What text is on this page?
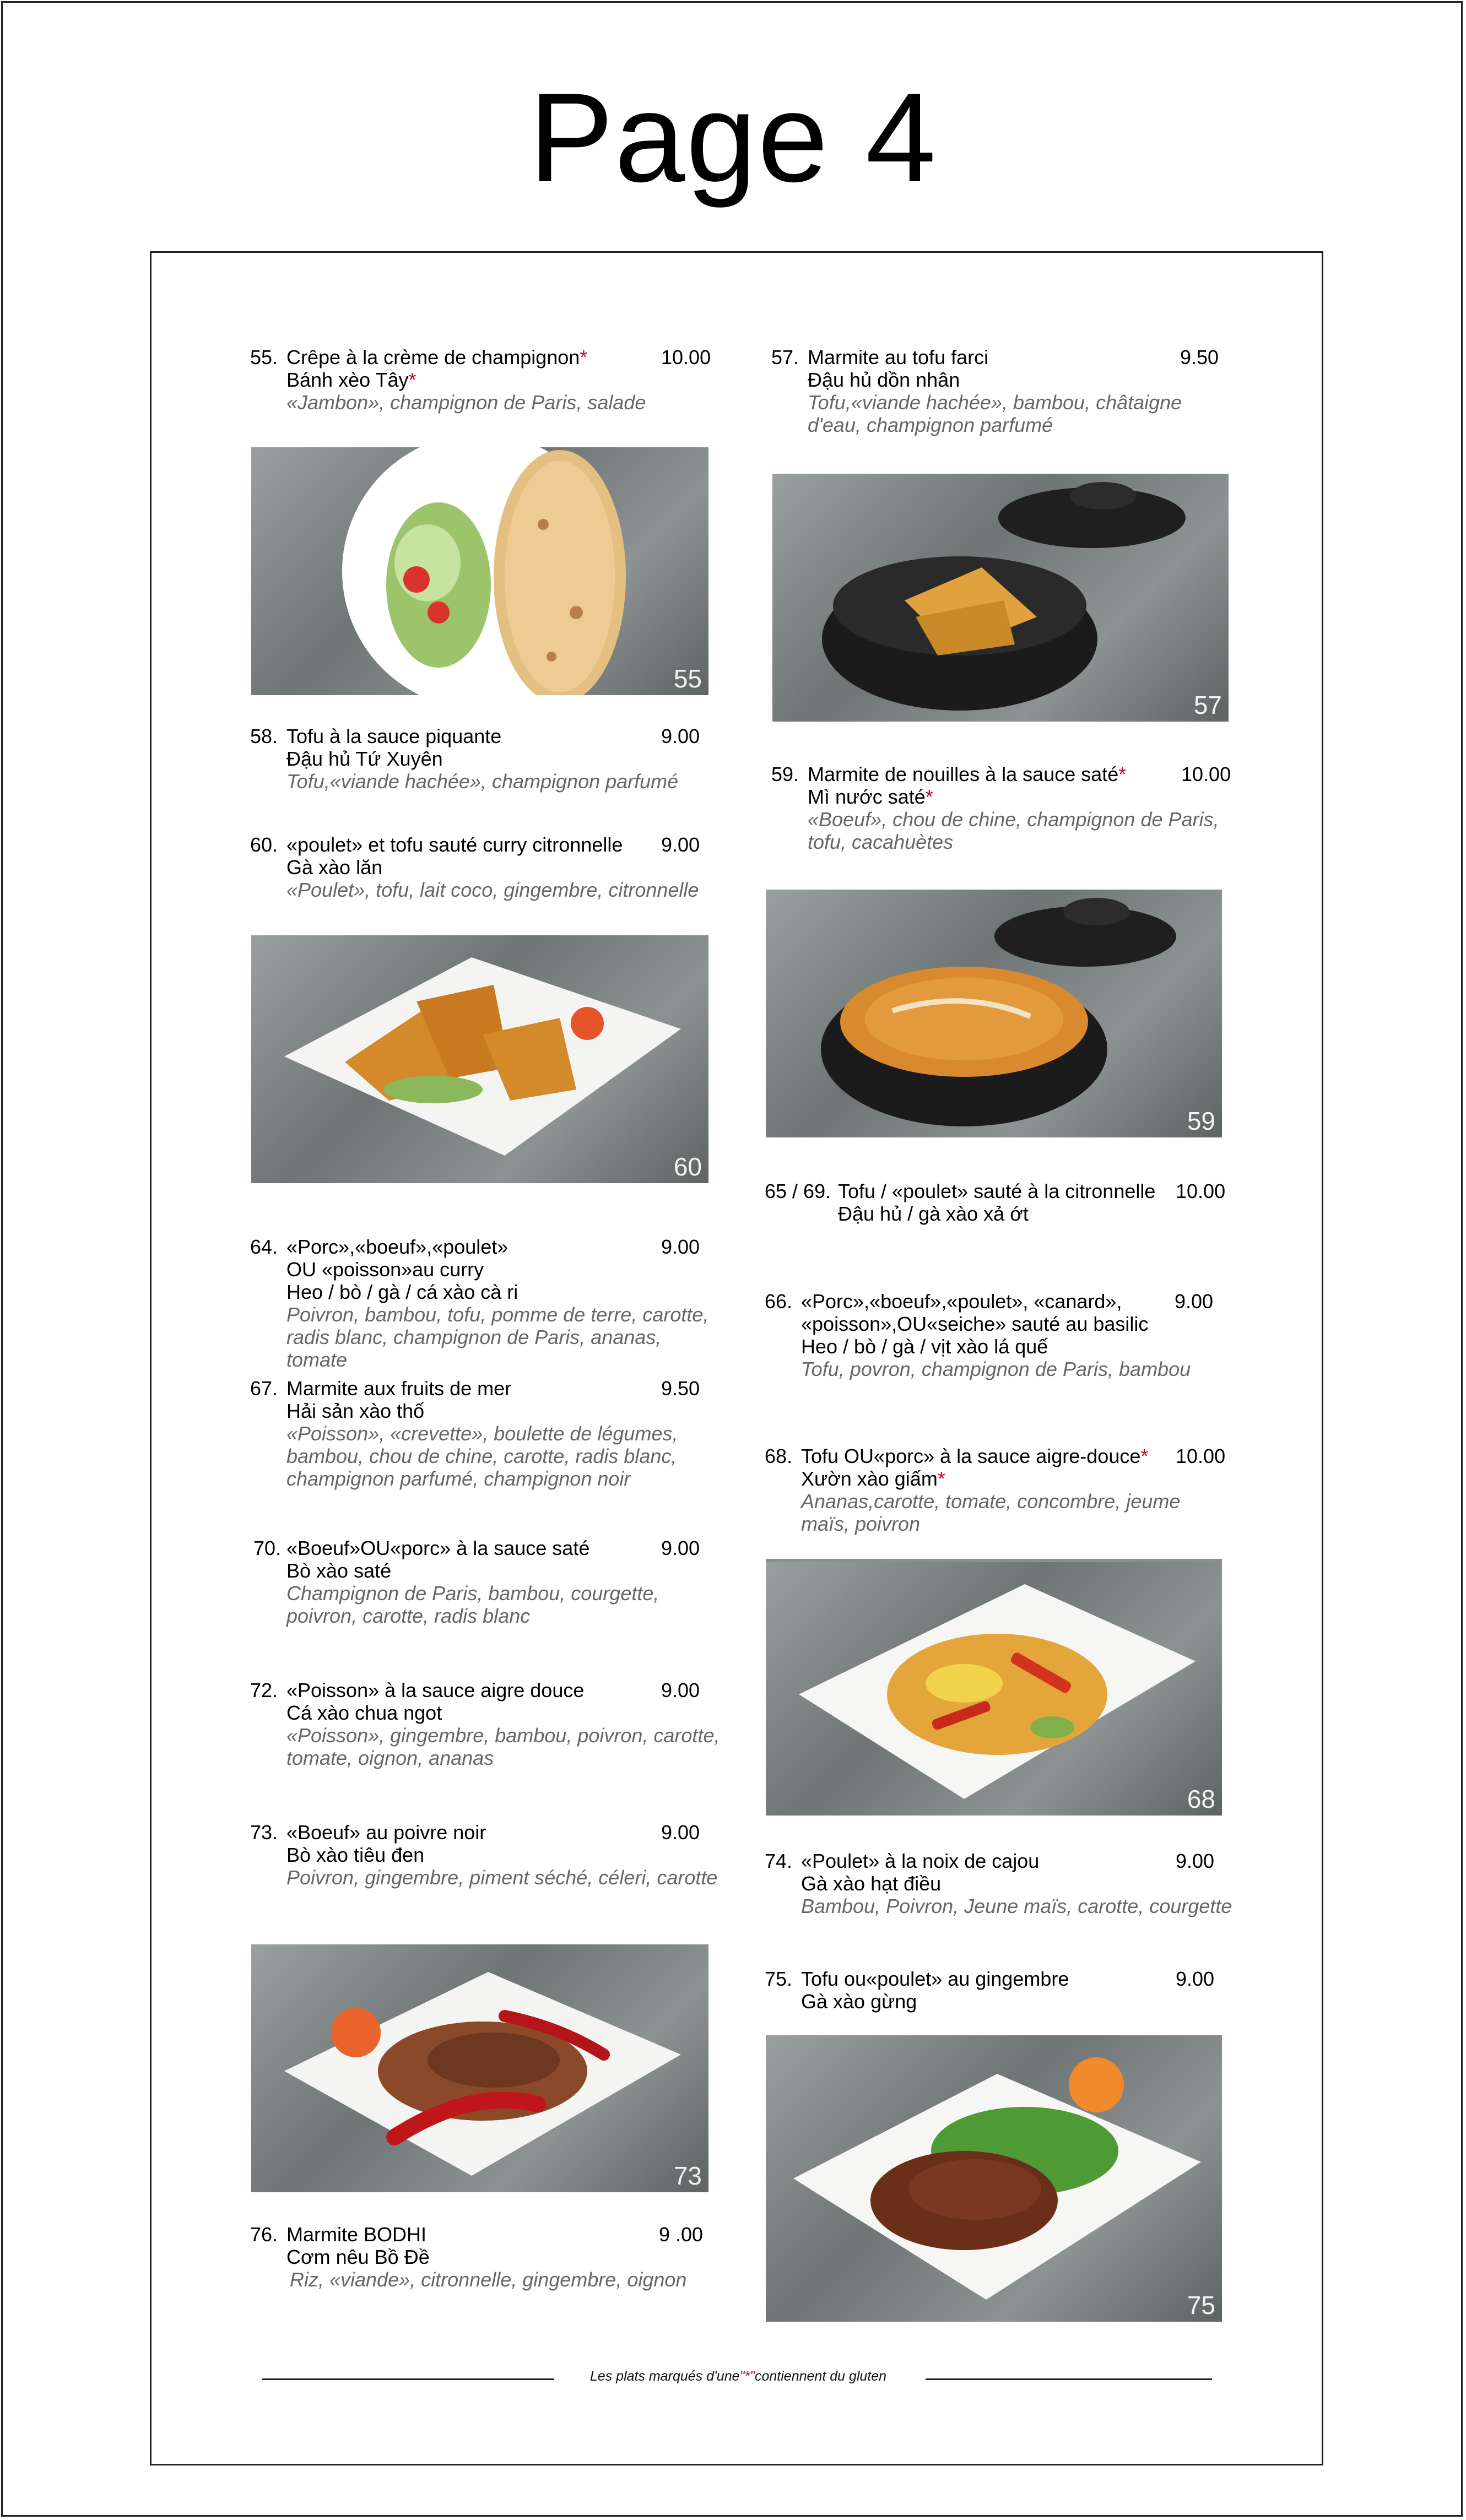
Page 4
55. Crêpe à la crème de champignon*	10.00
Bánh xèo Tây*
«Jambon», champignon de Paris, salade
55
58. Tofu à la sauce piquante	9.00
Đậu hủ Tứ Xuyên
Tofu,«viande hachée», champignon parfumé
60. «poulet» et tofu sauté curry citronnelle 9.00
Gà xào lăn
«Poulet», tofu, lait coco, gingembre, citronnelle
60
64. «Porc»,«boeuf»,«poulet»	9.00
OU «poisson»au curry
Heo / bò / gà / cá xào cà ri
Poivron, bambou, tofu, pomme de terre, carotte, radis blanc, champignon de Paris, ananas, tomate
67. Marmite aux fruits de mer	9.50
Hải sản xào thố
«Poisson», «crevette», boulette de légumes, bambou, chou de chine, carotte, radis blanc, champignon parfumé, champignon noir
70. «Boeuf»OU«porc» à la sauce saté	9.00
Bò xào saté
Champignon de Paris, bambou, courgette, poivron, carotte, radis blanc
72. «Poisson» à la sauce aigre douce	9.00
Cá xào chua ngot
«Poisson», gingembre, bambou, poivron, carotte, tomate, oignon, ananas
73. «Boeuf» au poivre noir	9.00
Bò xào tiêu đen
Poivron, gingembre, piment séché, céleri, carotte
73
76. Marmite BODHI	9 .00
Cơm nêu Bồ Đề
Riz, «viande», citronnelle, gingembre, oignon
57. Marmite au tofu farci	9.50
Đậu hủ dồn nhân
Tofu,«viande hachée», bambou, châtaigne d'eau, champignon parfumé
57
59. Marmite de nouilles à la sauce saté*	10.00
Mì nước saté*
«Boeuf», chou de chine, champignon de Paris, tofu, cacahuètes
59
65 / 69. Tofu / «poulet» sauté à la citronnelle 10.00
Đậu hủ / gà xào xả ớt
66. «Porc»,«boeuf»,«poulet», «canard»,	9.00
«poisson»,OU«seiche» sauté au basilic
Heo / bò / gà / vịt xào lá quế
Tofu, povron, champignon de Paris, bambou
68. Tofu OU«porc» à la sauce aigre-douce* 10.00
Xườn xào giấm*
Ananas,carotte, tomate, concombre, jeume maïs, poivron
68
74. «Poulet» à la noix de cajou	9.00
Gà xào hạt điều
Bambou, Poivron, Jeune maïs, carotte, courgette
75. Tofu ou«poulet» au gingembre	9.00
Gà xào gừng
75
Les plats marqués d'une"*"contiennent du gluten
